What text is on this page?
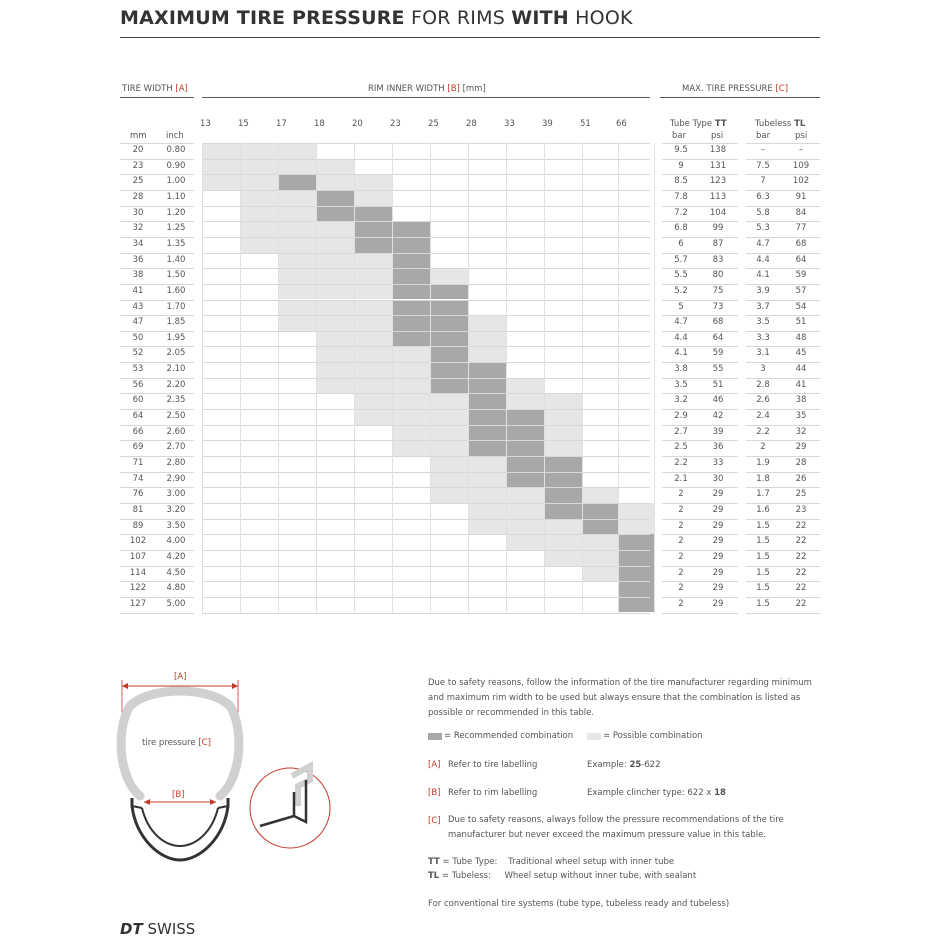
MAXIMUM TIRE PRESSURE FOR RIMS WITH HOOK
TIRE WIDTH [A]	RIM INNER WIDTH [B] [mm]	MAX. TIRE PRESSURE [C]
mm inch
Tube Type TT
bar	psi
Tubeless TL
bar	psi
13	15	17	18	20	23	25	28	33	39	51	66
20	0.80	9.5	138	–	–
23	0.90	9	131	7.5	109
25	1.00	8.5	123	7	102
28	1.10	7.8	113	6.3	91
30	1.20	7.2	104	5.8	84
32	1.25	6.8	99	5.3	77
34	1.35	6	87	4.7	68
36	1.40	5.7	83	4.4	64
38	1.50	5.5	80	4.1	59
41	1.60	5.2	75	3.9	57
43	1.70	5	73	3.7	54
47	1.85	4.7	68	3.5	51
50	1.95	4.4	64	3.3	48
52	2.05	4.1	59	3.1	45
53	2.10	3.8	55	3	44
56	2.20	3.5	51	2.8	41
60	2.35	3.2	46	2.6	38
64	2.50	2.9	42	2.4	35
66	2.60	2.7	39	2.2	32
69	2.70	2.5	36	2	29
71	2.80	2.2	33	1.9	28
74	2.90	2.1	30	1.8	26
76	3.00	2	29	1.7	25
81	3.20	2	29	1.6	23
89	3.50	2	29	1.5	22
102	4.00	2	29	1.5	22
107	4.20	2	29	1.5	22
114	4.50	2	29	1.5	22
122	4.80	2	29	1.5	22
127	5.00	2	29	1.5	22
[A]
[B]
tire pressure [C]
Due to safety reasons, follow the information of the tire manufacturer regarding minimum and maximum rim width to be used but always ensure that the combination is listed as possible or recommended in this table.
= Recommended combination	= Possible combination
[A] Refer to tire labelling	Example: 25-622
[B] Refer to rim labelling	Example clincher type: 622 x 18
[C] Due to safety reasons, always follow the pressure recommendations of the tire manufacturer but never exceed the maximum pressure value in this table.
TT = Tube Type: Traditional wheel setup with inner tube
TL = Tubeless: Wheel setup without inner tube, with sealant
For conventional tire systems (tube type, tubeless ready and tubeless)
DT SWISS
